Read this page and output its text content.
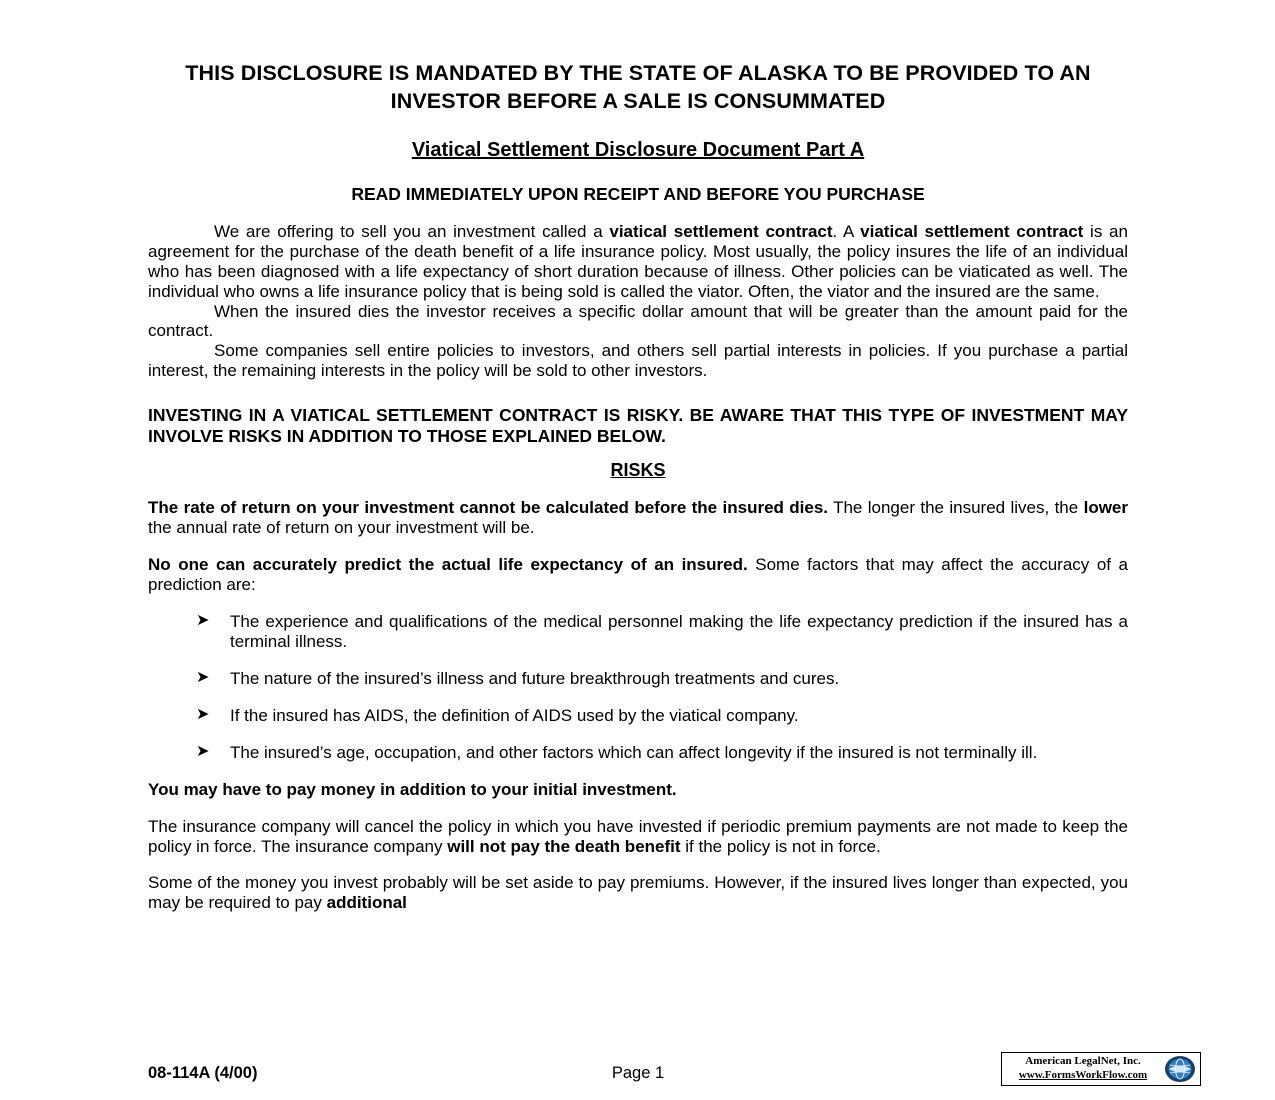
THIS DISCLOSURE IS MANDATED BY THE STATE OF ALASKA TO BE PROVIDED TO AN INVESTOR BEFORE A SALE IS CONSUMMATED
Viatical Settlement Disclosure Document Part A
READ IMMEDIATELY UPON RECEIPT AND BEFORE YOU PURCHASE

We are offering to sell you an investment called a viatical settlement contract. A viatical settlement contract is an agreement for the purchase of the death benefit of a life insurance policy. Most usually, the policy insures the life of an individual who has been diagnosed with a life expectancy of short duration because of illness. Other policies can be viaticated as well. The individual who owns a life insurance policy that is being sold is called the viator. Often, the viator and the insured are the same.

When the insured dies the investor receives a specific dollar amount that will be greater than the amount paid for the contract.

Some companies sell entire policies to investors, and others sell partial interests in policies. If you purchase a partial interest, the remaining interests in the policy will be sold to other investors.

INVESTING IN A VIATICAL SETTLEMENT CONTRACT IS RISKY. BE AWARE THAT THIS TYPE OF INVESTMENT MAY INVOLVE RISKS IN ADDITION TO THOSE EXPLAINED BELOW.

RISKS

The rate of return on your investment cannot be calculated before the insured dies. The longer the insured lives, the lower the annual rate of return on your investment will be.

No one can accurately predict the actual life expectancy of an insured. Some factors that may affect the accuracy of a prediction are:

➤ The experience and qualifications of the medical personnel making the life expectancy prediction if the insured has a terminal illness.
➤ The nature of the insured’s illness and future breakthrough treatments and cures.
➤ If the insured has AIDS, the definition of AIDS used by the viatical company.
➤ The insured’s age, occupation, and other factors which can affect longevity if the insured is not terminally ill.

You may have to pay money in addition to your initial investment.

The insurance company will cancel the policy in which you have invested if periodic premium payments are not made to keep the policy in force. The insurance company will not pay the death benefit if the policy is not in force.

Some of the money you invest probably will be set aside to pay premiums. However, if the insured lives longer than expected, you may be required to pay additional

08-114A (4/00)	Page 1
American LegalNet, Inc.
www.FormsWorkFlow.com
